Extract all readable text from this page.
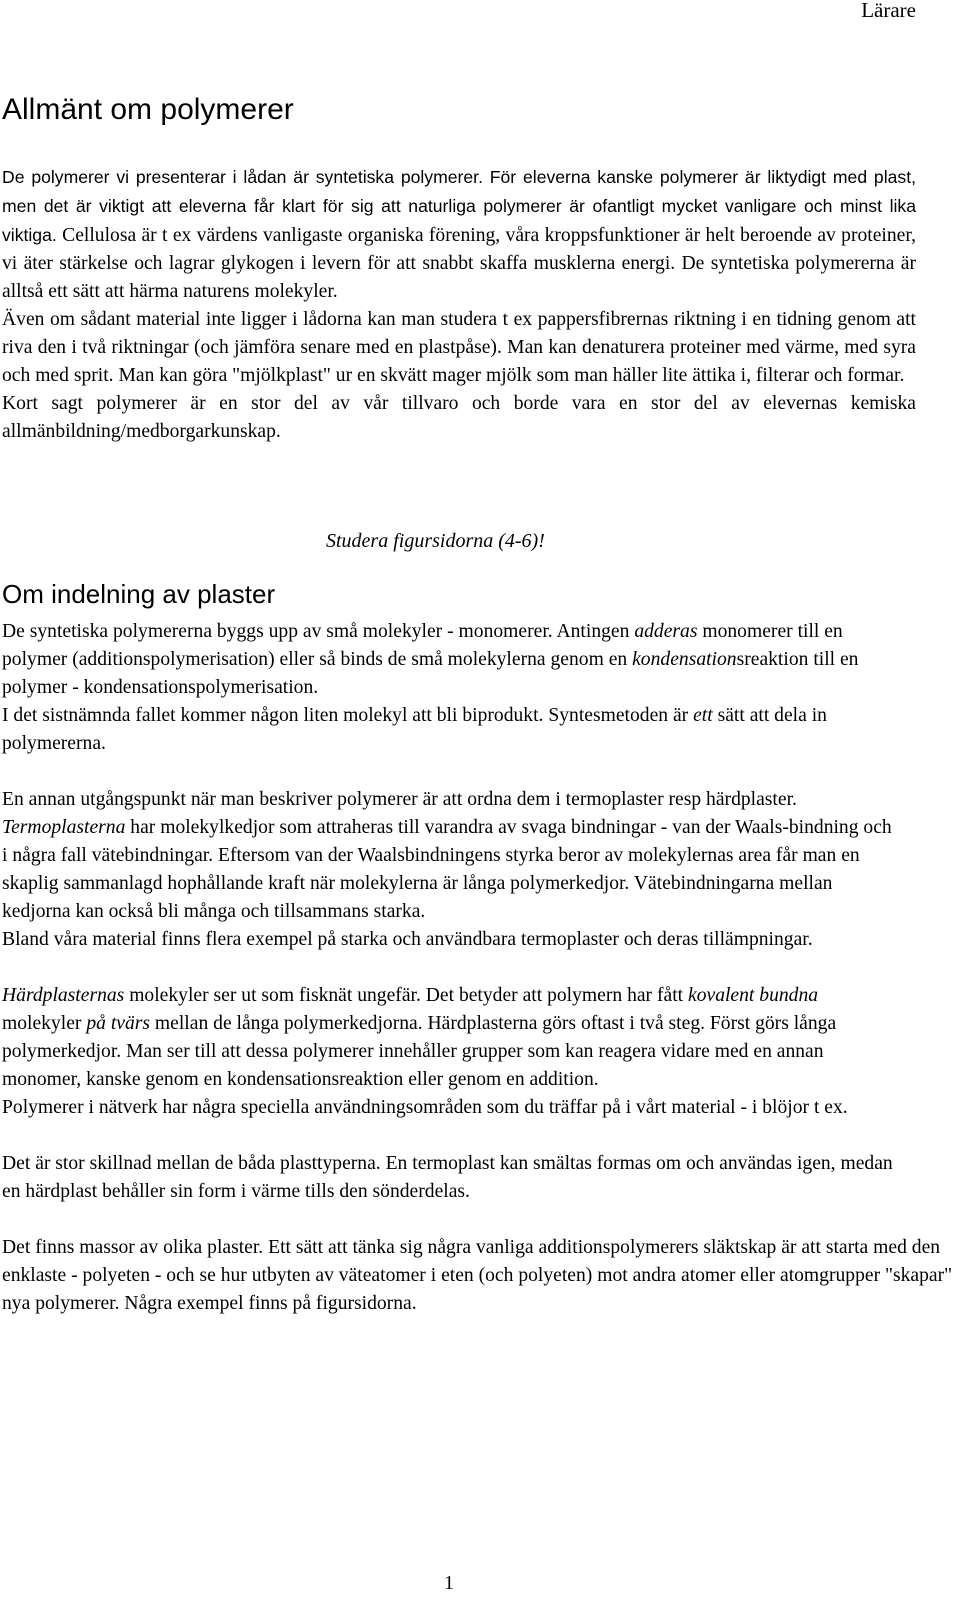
Lärare
Allmänt om polymerer

De polymerer vi presenterar i lådan är syntetiska polymerer. För eleverna kanske polymerer är liktydigt med plast, men det är viktigt att eleverna får klart för sig att naturliga polymerer är ofantligt mycket vanligare och minst lika viktiga. Cellulosa är t ex värdens vanligaste organiska förening, våra kroppsfunktioner är helt beroende av proteiner, vi äter stärkelse och lagrar glykogen i levern för att snabbt skaffa musklerna energi. De syntetiska polymererna är alltså ett sätt att härma naturens molekyler.

Även om sådant material inte ligger i lådorna kan man studera t ex pappersfibrernas riktning i en tidning genom att riva den i två riktningar (och jämföra senare med en plastpåse). Man kan denaturera proteiner med värme, med syra och med sprit. Man kan göra "mjölkplast" ur en skvätt mager mjölk som man häller lite ättika i, filterar och formar.

Kort sagt polymerer är en stor del av vår tillvaro och borde vara en stor del av elevernas kemiska allmänbildning/medborgarkunskap.

Studera figursidorna (4-6)!
Om indelning av plaster

De syntetiska polymererna byggs upp av små molekyler - monomerer. Antingen adderas monomerer till en polymer (additionspolymerisation) eller så binds de små molekylerna genom en kondensationsreaktion till en polymer - kondensationspolymerisation.

I det sistnämnda fallet kommer någon liten molekyl att bli biprodukt. Syntesmetoden är ett sätt att dela in polymererna.

En annan utgångspunkt när man beskriver polymerer är att ordna dem i termoplaster resp härdplaster.

Termoplasterna har molekylkedjor som attraheras till varandra av svaga bindningar - van der Waals-bindning och i några fall vätebindningar. Eftersom van der Waalsbindningens styrka beror av molekylernas area får man en skaplig sammanlagd hophållande kraft när molekylerna är långa polymerkedjor. Vätebindningarna mellan kedjorna kan också bli många och tillsammans starka.

Bland våra material finns flera exempel på starka och användbara termoplaster och deras tillämpningar.

Härdplasternas molekyler ser ut som fisknät ungefär. Det betyder att polymern har fått kovalent bundna molekyler på tvärs mellan de långa polymerkedjorna. Härdplasterna görs oftast i två steg. Först görs långa polymerkedjor. Man ser till att dessa polymerer innehåller grupper som kan reagera vidare med en annan monomer, kanske genom en kondensationsreaktion eller genom en addition.

Polymerer i nätverk har några speciella användningsområden som du träffar på i vårt material - i blöjor t ex.

Det är stor skillnad mellan de båda plasttyperna. En termoplast kan smältas formas om och användas igen, medan en härdplast behåller sin form i värme tills den sönderdelas.

Det finns massor av olika plaster. Ett sätt att tänka sig några vanliga additionspolymerers släktskap är att starta med den enklaste - polyeten - och se hur utbyten av väteatomer i eten (och polyeten) mot andra atomer eller atomgrupper "skapar" nya polymerer. Några exempel finns på figursidorna.

1
